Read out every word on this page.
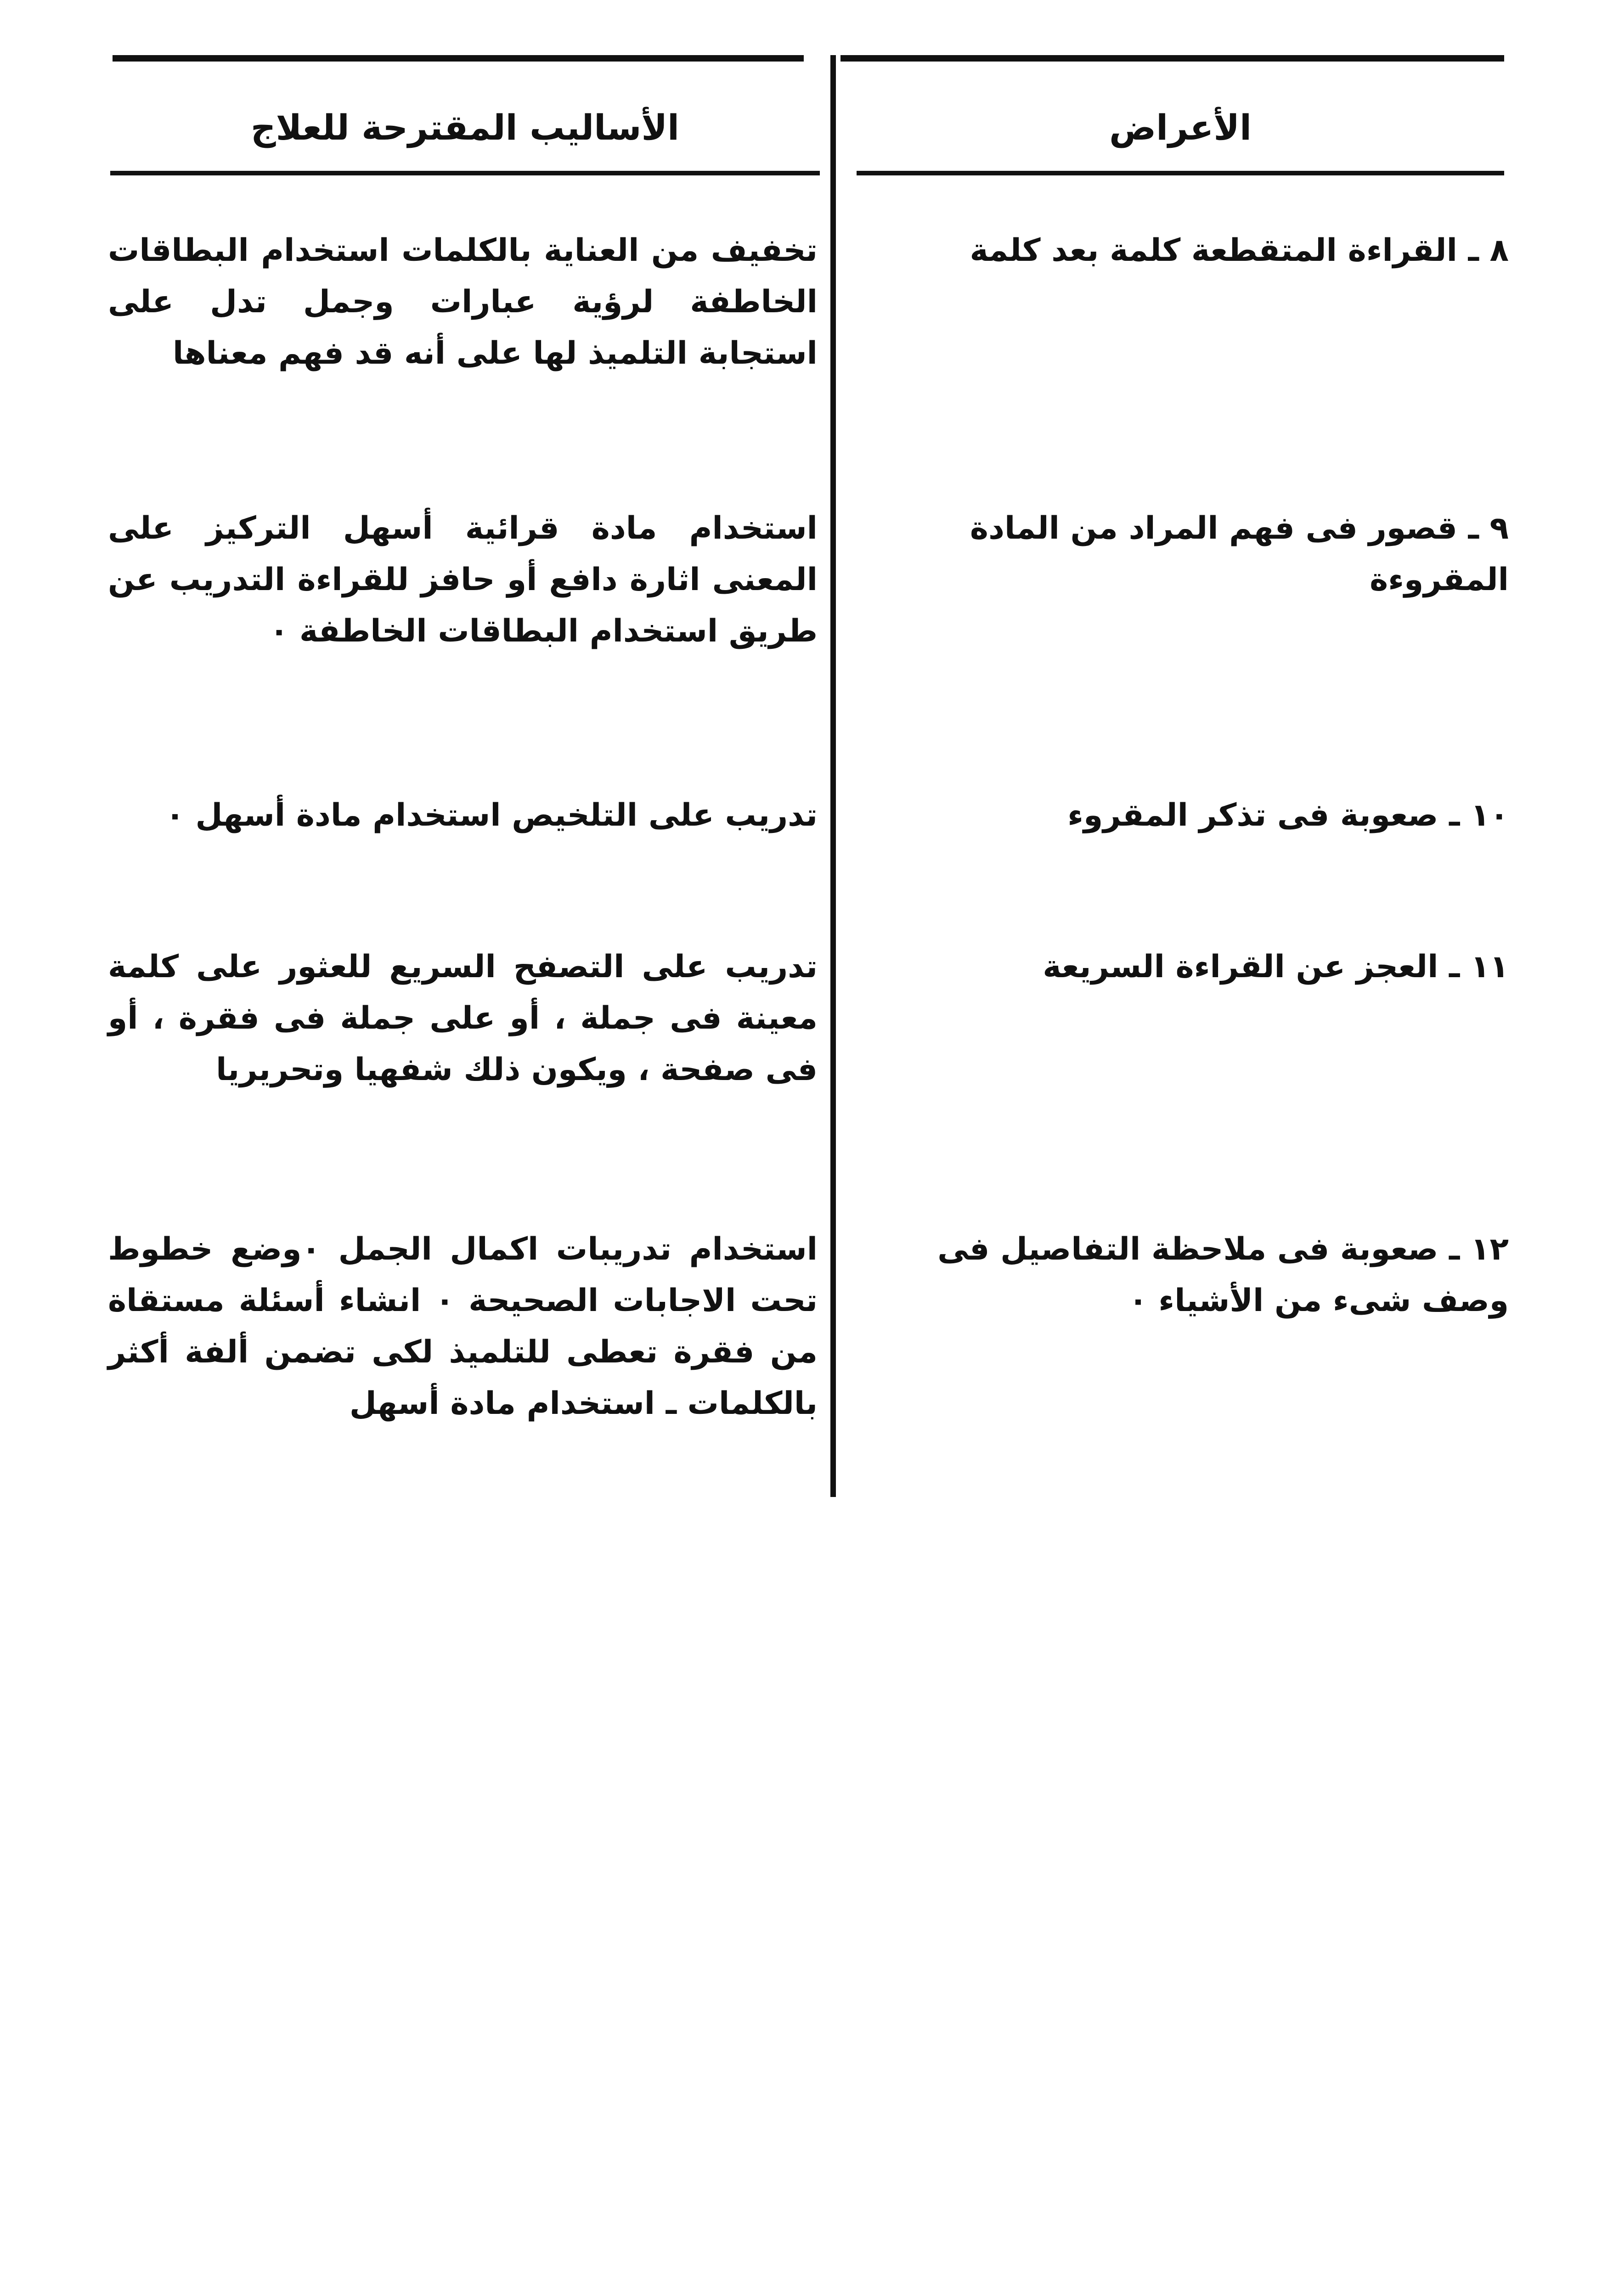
الأعراض
الأساليب المقترحة للعلاج
٨ ـ القراءة المتقطعة كلمة بعد كلمة
تخفيف من العناية بالكلمات استخدام البطاقات الخاطفة لرؤية عبارات وجمل تدل على استجابة التلميذ لها على أنه قد فهم معناها
٩ ـ قصور فى فهم المراد من المادة المقروءة
استخدام مادة قرائية أسهل التركيز على المعنى اثارة دافع أو حافز للقراءة التدريب عن طريق استخدام البطاقات الخاطفة ٠
١٠ ـ صعوبة فى تذكر المقروء
تدريب على التلخيص استخدام مادة أسهل ٠
١١ ـ العجز عن القراءة السريعة
تدريب على التصفح السريع للعثور على كلمة معينة فى جملة ، أو على جملة فى فقرة ، أو فى صفحة ، ويكون ذلك شفهيا وتحريريا
١٢ ـ صعوبة فى ملاحظة التفاصيل فى وصف شىء من الأشياء ٠
استخدام تدريبات اكمال الجمل ٠وضع خطوط تحت الاجابات الصحيحة ٠ انشاء أسئلة مستقاة من فقرة تعطى للتلميذ لكى تضمن ألفة أكثر بالكلمات ـ استخدام مادة أسهل
